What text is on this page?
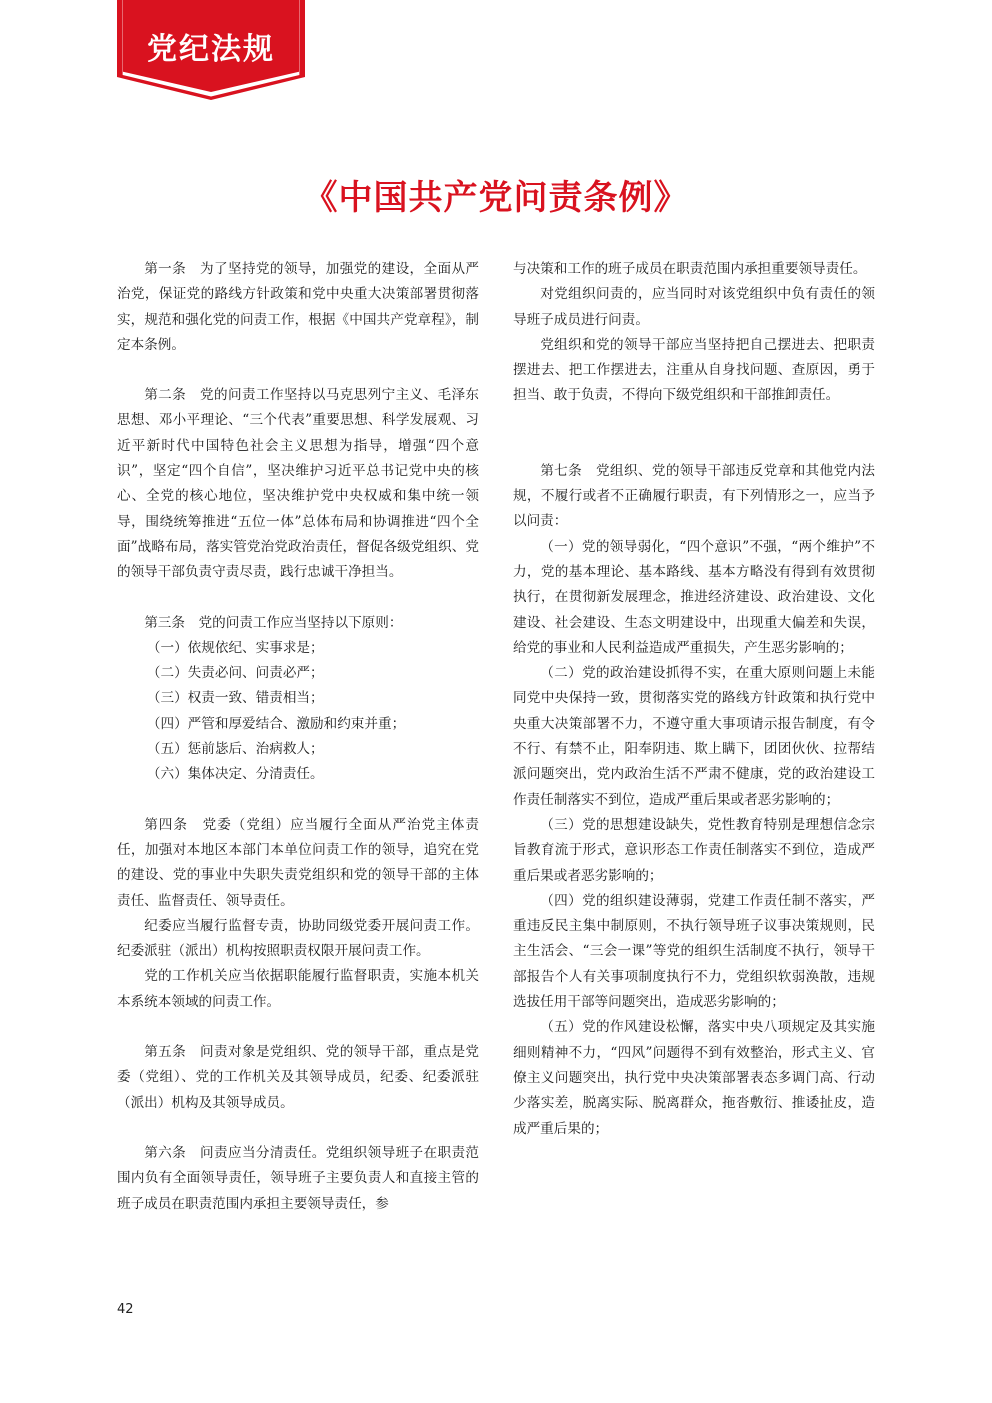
党纪法规
《中国共产党问责条例》

第一条　为了坚持党的领导，加强党的建设，全面从严治党，保证党的路线方针政策和党中央重大决策部署贯彻落实，规范和强化党的问责工作，根据《中国共产党章程》，制定本条例。

第二条　党的问责工作坚持以马克思列宁主义、毛泽东思想、邓小平理论、“三个代表”重要思想、科学发展观、习近平新时代中国特色社会主义思想为指导，增强“四个意识”，坚定“四个自信”，坚决维护习近平总书记党中央的核心、全党的核心地位，坚决维护党中央权威和集中统一领导，围绕统筹推进“五位一体”总体布局和协调推进“四个全面”战略布局，落实管党治党政治责任，督促各级党组织、党的领导干部负责守责尽责，践行忠诚干净担当。

第三条　党的问责工作应当坚持以下原则：

（一）依规依纪、实事求是；

（二）失责必问、问责必严；

（三）权责一致、错责相当；

（四）严管和厚爱结合、激励和约束并重；

（五）惩前毖后、治病救人；

（六）集体决定、分清责任。

第四条　党委（党组）应当履行全面从严治党主体责任，加强对本地区本部门本单位问责工作的领导，追究在党的建设、党的事业中失职失责党组织和党的领导干部的主体责任、监督责任、领导责任。

纪委应当履行监督专责，协助同级党委开展问责工作。纪委派驻（派出）机构按照职责权限开展问责工作。

党的工作机关应当依据职能履行监督职责，实施本机关本系统本领域的问责工作。

第五条　问责对象是党组织、党的领导干部，重点是党委（党组）、党的工作机关及其领导成员，纪委、纪委派驻（派出）机构及其领导成员。

第六条　问责应当分清责任。党组织领导班子在职责范围内负有全面领导责任，领导班子主要负责人和直接主管的班子成员在职责范围内承担主要领导责任，参

与决策和工作的班子成员在职责范围内承担重要领导责任。

对党组织问责的，应当同时对该党组织中负有责任的领导班子成员进行问责。

党组织和党的领导干部应当坚持把自己摆进去、把职责摆进去、把工作摆进去，注重从自身找问题、查原因，勇于担当、敢于负责，不得向下级党组织和干部推卸责任。

第七条　党组织、党的领导干部违反党章和其他党内法规，不履行或者不正确履行职责，有下列情形之一，应当予以问责：

（一）党的领导弱化，“四个意识”不强，“两个维护”不力，党的基本理论、基本路线、基本方略没有得到有效贯彻执行，在贯彻新发展理念，推进经济建设、政治建设、文化建设、社会建设、生态文明建设中，出现重大偏差和失误，给党的事业和人民利益造成严重损失，产生恶劣影响的；

（二）党的政治建设抓得不实，在重大原则问题上未能同党中央保持一致，贯彻落实党的路线方针政策和执行党中央重大决策部署不力，不遵守重大事项请示报告制度，有令不行、有禁不止，阳奉阴违、欺上瞒下，团团伙伙、拉帮结派问题突出，党内政治生活不严肃不健康，党的政治建设工作责任制落实不到位，造成严重后果或者恶劣影响的；

（三）党的思想建设缺失，党性教育特别是理想信念宗旨教育流于形式，意识形态工作责任制落实不到位，造成严重后果或者恶劣影响的；

（四）党的组织建设薄弱，党建工作责任制不落实，严重违反民主集中制原则，不执行领导班子议事决策规则，民主生活会、“三会一课”等党的组织生活制度不执行，领导干部报告个人有关事项制度执行不力，党组织软弱涣散，违规选拔任用干部等问题突出，造成恶劣影响的；

（五）党的作风建设松懈，落实中央八项规定及其实施细则精神不力，“四风”问题得不到有效整治，形式主义、官僚主义问题突出，执行党中央决策部署表态多调门高、行动少落实差，脱离实际、脱离群众，拖沓敷衍、推诿扯皮，造成严重后果的；

42
